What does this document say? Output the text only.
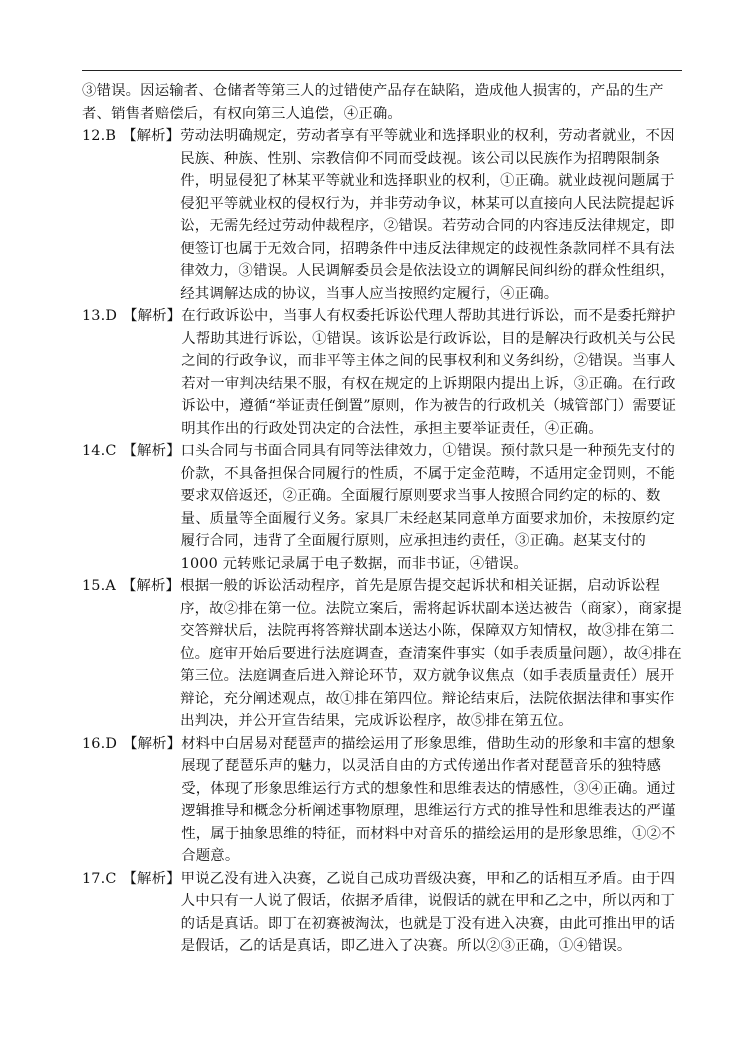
③错误。因运输者、仓储者等第三人的过错使产品存在缺陷，造成他人损害的，产品的生产者、销售者赔偿后，有权向第三人追偿，④正确。

12.B 【解析】 劳动法明确规定，劳动者享有平等就业和选择职业的权利，劳动者就业，不因民族、种族、性别、宗教信仰不同而受歧视。该公司以民族作为招聘限制条件，明显侵犯了林某平等就业和选择职业的权利，①正确。就业歧视问题属于侵犯平等就业权的侵权行为，并非劳动争议，林某可以直接向人民法院提起诉讼，无需先经过劳动仲裁程序，②错误。若劳动合同的内容违反法律规定，即便签订也属于无效合同，招聘条件中违反法律规定的歧视性条款同样不具有法律效力，③错误。人民调解委员会是依法设立的调解民间纠纷的群众性组织，经其调解达成的协议，当事人应当按照约定履行，④正确。
13.D 【解析】 在行政诉讼中，当事人有权委托诉讼代理人帮助其进行诉讼，而不是委托辩护人帮助其进行诉讼，①错误。该诉讼是行政诉讼，目的是解决行政机关与公民之间的行政争议，而非平等主体之间的民事权利和义务纠纷，②错误。当事人若对一审判决结果不服，有权在规定的上诉期限内提出上诉，③正确。在行政诉讼中，遵循“举证责任倒置”原则，作为被告的行政机关（城管部门）需要证明其作出的行政处罚决定的合法性，承担主要举证责任，④正确。
14.C 【解析】 口头合同与书面合同具有同等法律效力，①错误。预付款只是一种预先支付的价款，不具备担保合同履行的性质，不属于定金范畴，不适用定金罚则，不能要求双倍返还，②正确。全面履行原则要求当事人按照合同约定的标的、数量、质量等全面履行义务。家具厂未经赵某同意单方面要求加价，未按原约定履行合同，违背了全面履行原则，应承担违约责任，③正确。赵某支付的 1000 元转账记录属于电子数据，而非书证，④错误。
15.A 【解析】 根据一般的诉讼活动程序，首先是原告提交起诉状和相关证据，启动诉讼程序，故②排在第一位。法院立案后，需将起诉状副本送达被告（商家），商家提交答辩状后，法院再将答辩状副本送达小陈，保障双方知情权，故③排在第二位。庭审开始后要进行法庭调查，查清案件事实（如手表质量问题），故④排在第三位。法庭调查后进入辩论环节，双方就争议焦点（如手表质量责任）展开辩论，充分阐述观点，故①排在第四位。辩论结束后，法院依据法律和事实作出判决，并公开宣告结果，完成诉讼程序，故⑤排在第五位。
16.D 【解析】 材料中白居易对琵琶声的描绘运用了形象思维，借助生动的形象和丰富的想象展现了琵琶乐声的魅力，以灵活自由的方式传递出作者对琵琶音乐的独特感受，体现了形象思维运行方式的想象性和思维表达的情感性，③④正确。通过逻辑推导和概念分析阐述事物原理，思维运行方式的推导性和思维表达的严谨性，属于抽象思维的特征，而材料中对音乐的描绘运用的是形象思维，①②不合题意。
17.C 【解析】 甲说乙没有进入决赛，乙说自己成功晋级决赛，甲和乙的话相互矛盾。由于四人中只有一人说了假话，依据矛盾律，说假话的就在甲和乙之中，所以丙和丁的话是真话。即丁在初赛被淘汰，也就是丁没有进入决赛，由此可推出甲的话是假话，乙的话是真话，即乙进入了决赛。所以②③正确，①④错误。
